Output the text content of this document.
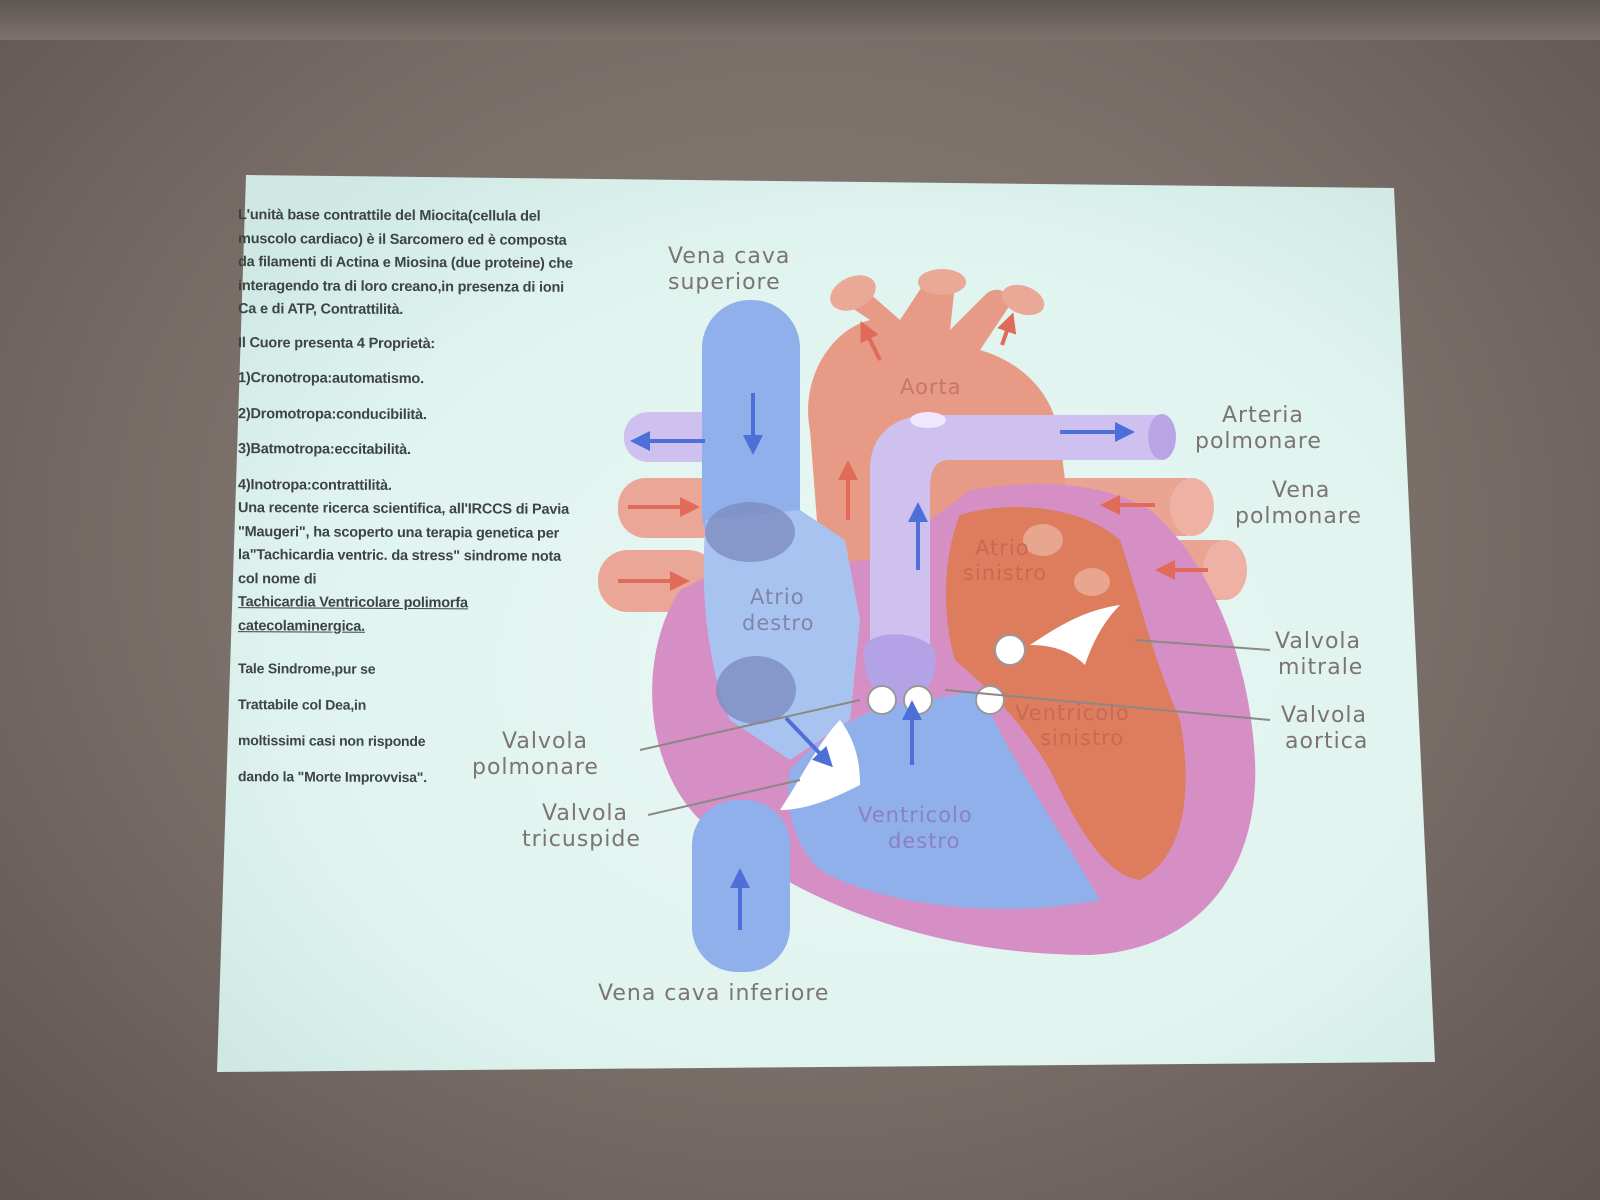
L'unità base contrattile del Miocita(cellula del muscolo cardiaco) è il Sarcomero ed è composta da filamenti di Actina e Miosina (due proteine) che interagendo tra di loro creano,in presenza di ioni Ca e di ATP, Contrattilità.

Il Cuore presenta 4 Proprietà:

1)Cronotropa:automatismo.

2)Dromotropa:conducibilità.

3)Batmotropa:eccitabilità.

4)Inotropa:contrattilità.

Una recente ricerca scientifica, all'IRCCS di Pavia "Maugeri", ha scoperto una terapia genetica per la"Tachicardia ventric. da stress" sindrome nota col nome di

Tachicardia Ventricolare polimorfa catecolaminergica.

Tale Sindrome,pur se
Trattabile col Dea,in
moltissimi casi non risponde
dando la "Morte Improvvisa".
Vena cava
superiore
Aorta
Arteria
polmonare
Vena
polmonare
Atrio
sinistro
Atrio
destro
Valvola
mitrale
Valvola
aortica
Ventricolo
sinistro
Valvola
polmonare
Valvola
tricuspide
Ventricolo
destro
Vena cava inferiore
